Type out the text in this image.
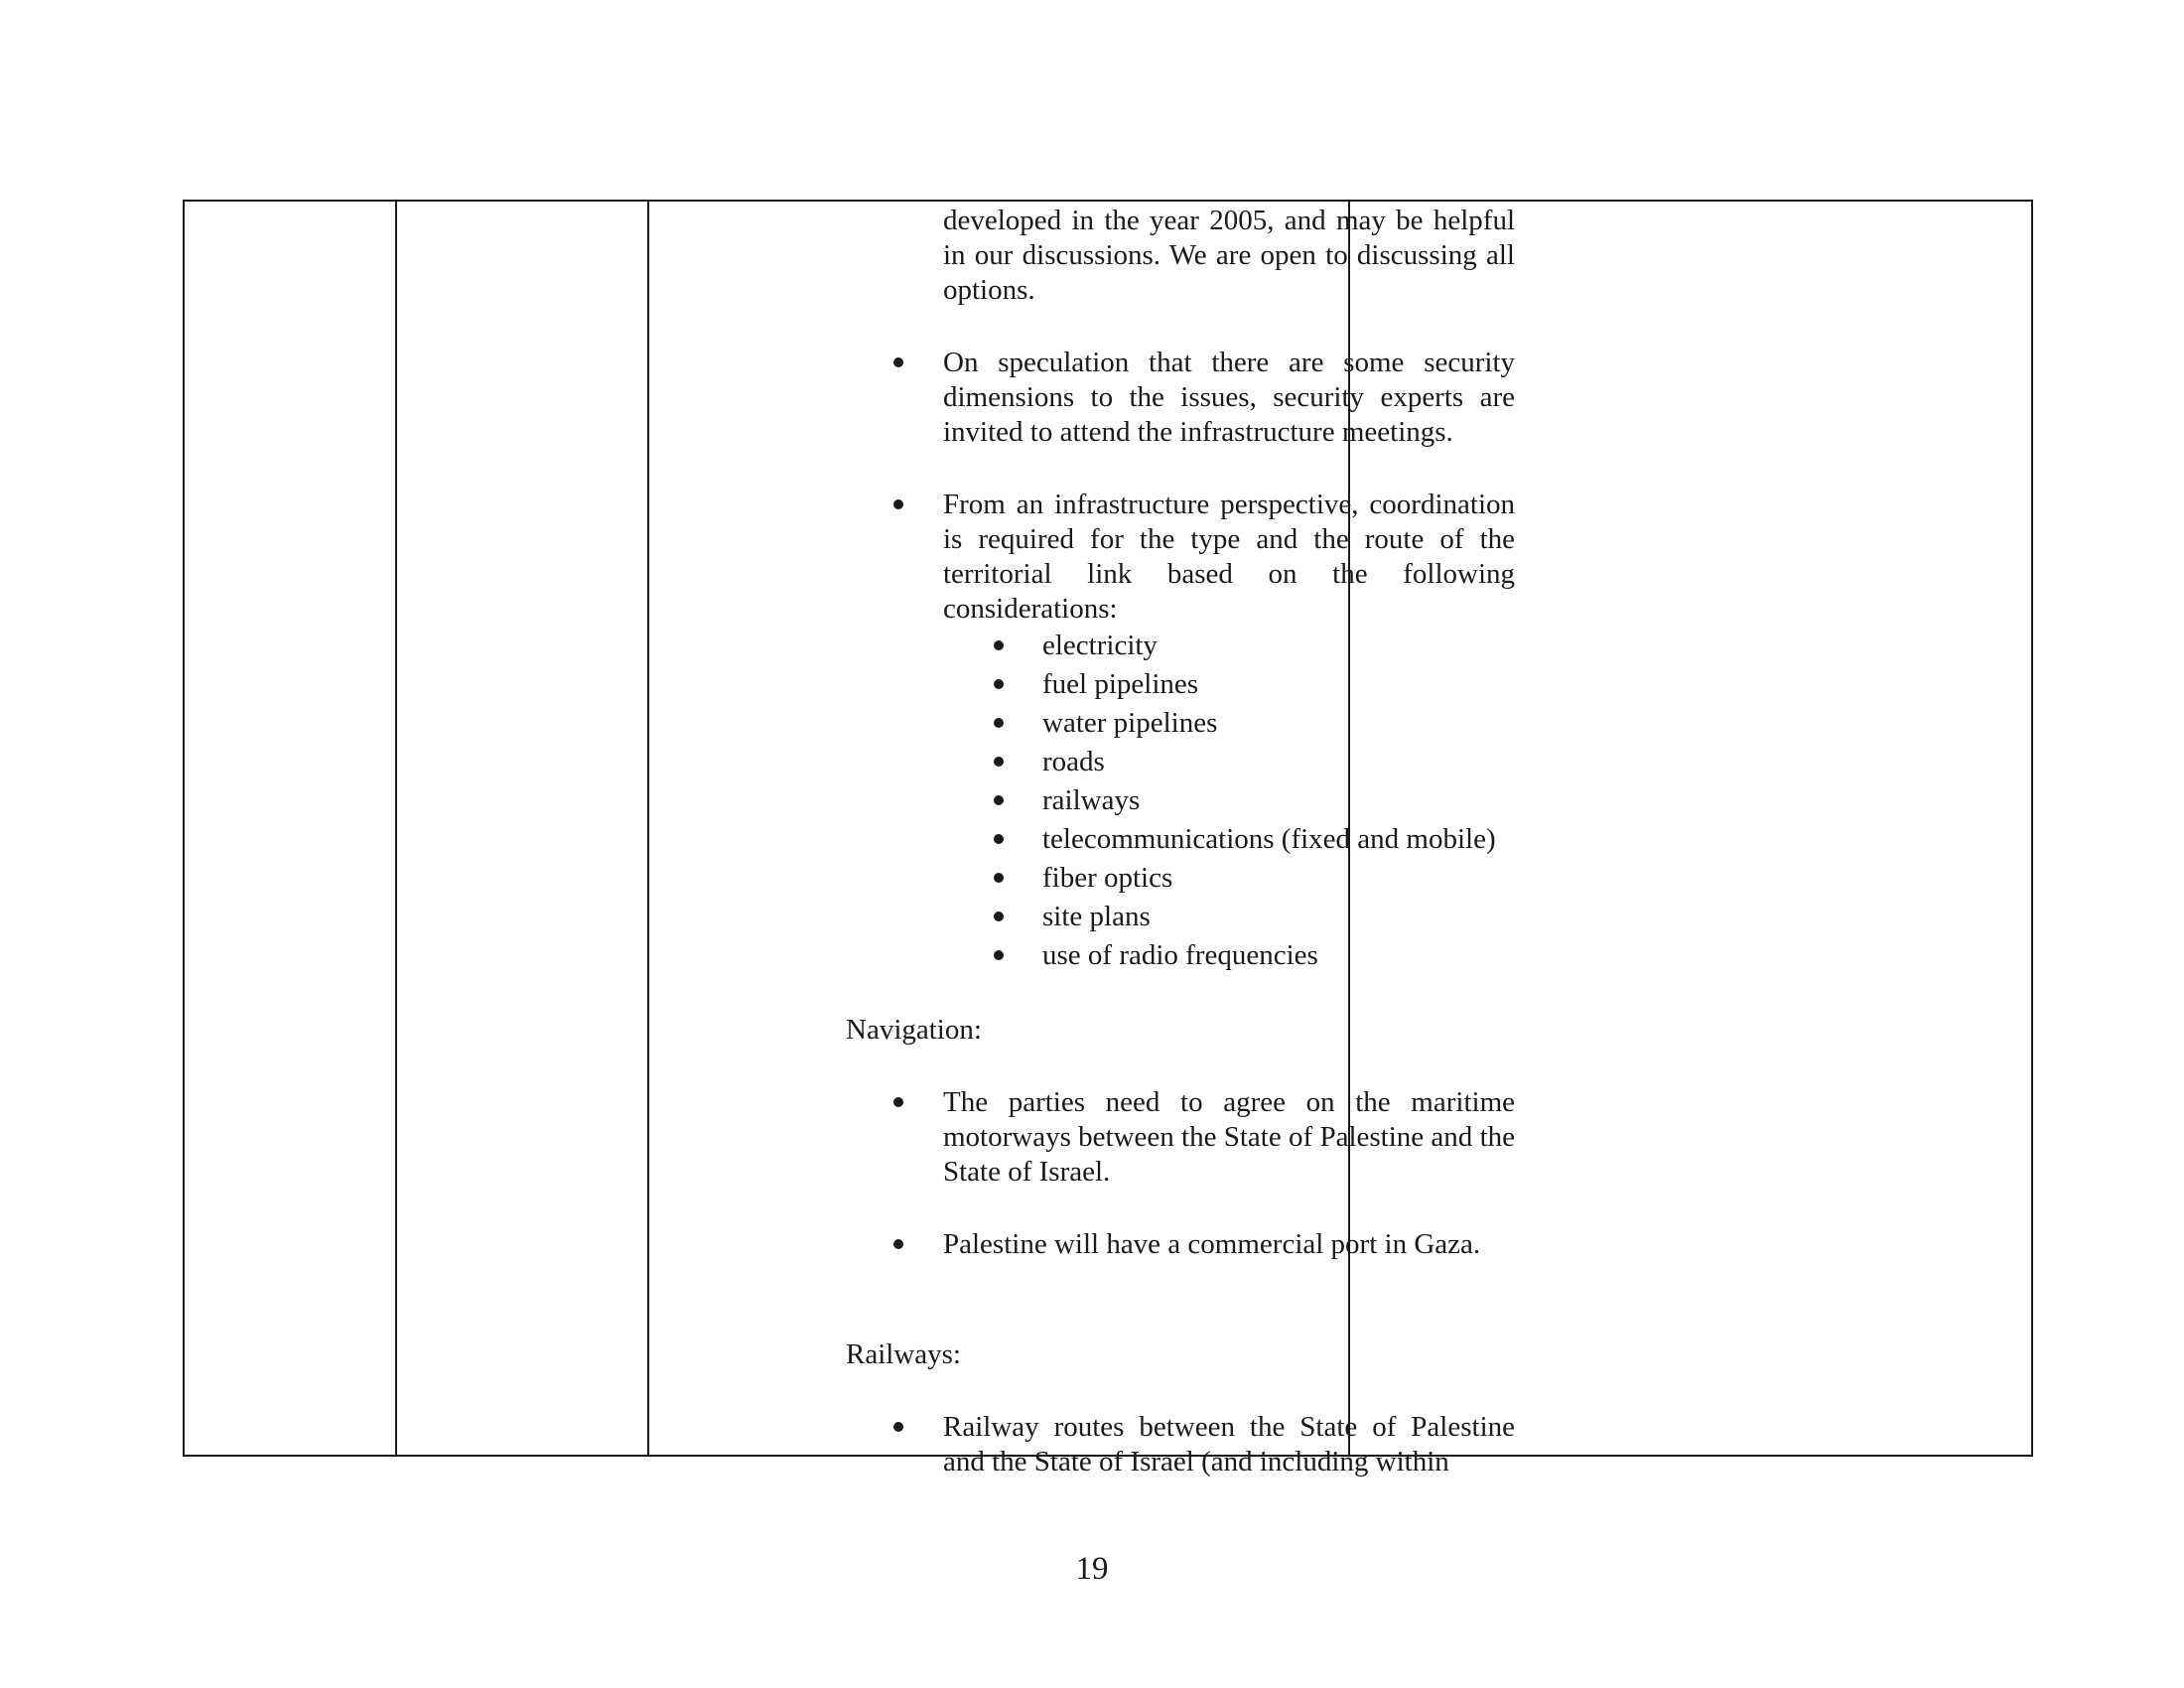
developed in the year 2005, and may be helpful in our discussions. We are open to discussing all options.

On speculation that there are some security dimensions to the issues, security experts are invited to attend the infrastructure meetings.

From an infrastructure perspective, coordination is required for the type and the route of the territorial link based on the following considerations:

electricity
fuel pipelines
water pipelines
roads
railways
telecommunications (fixed and mobile)
fiber optics
site plans
use of radio frequencies

Navigation:

The parties need to agree on the maritime motorways between the State of Palestine and the State of Israel.

Palestine will have a commercial port in Gaza.

Railways:

Railway routes between the State of Palestine and the State of Israel (and including within

19
